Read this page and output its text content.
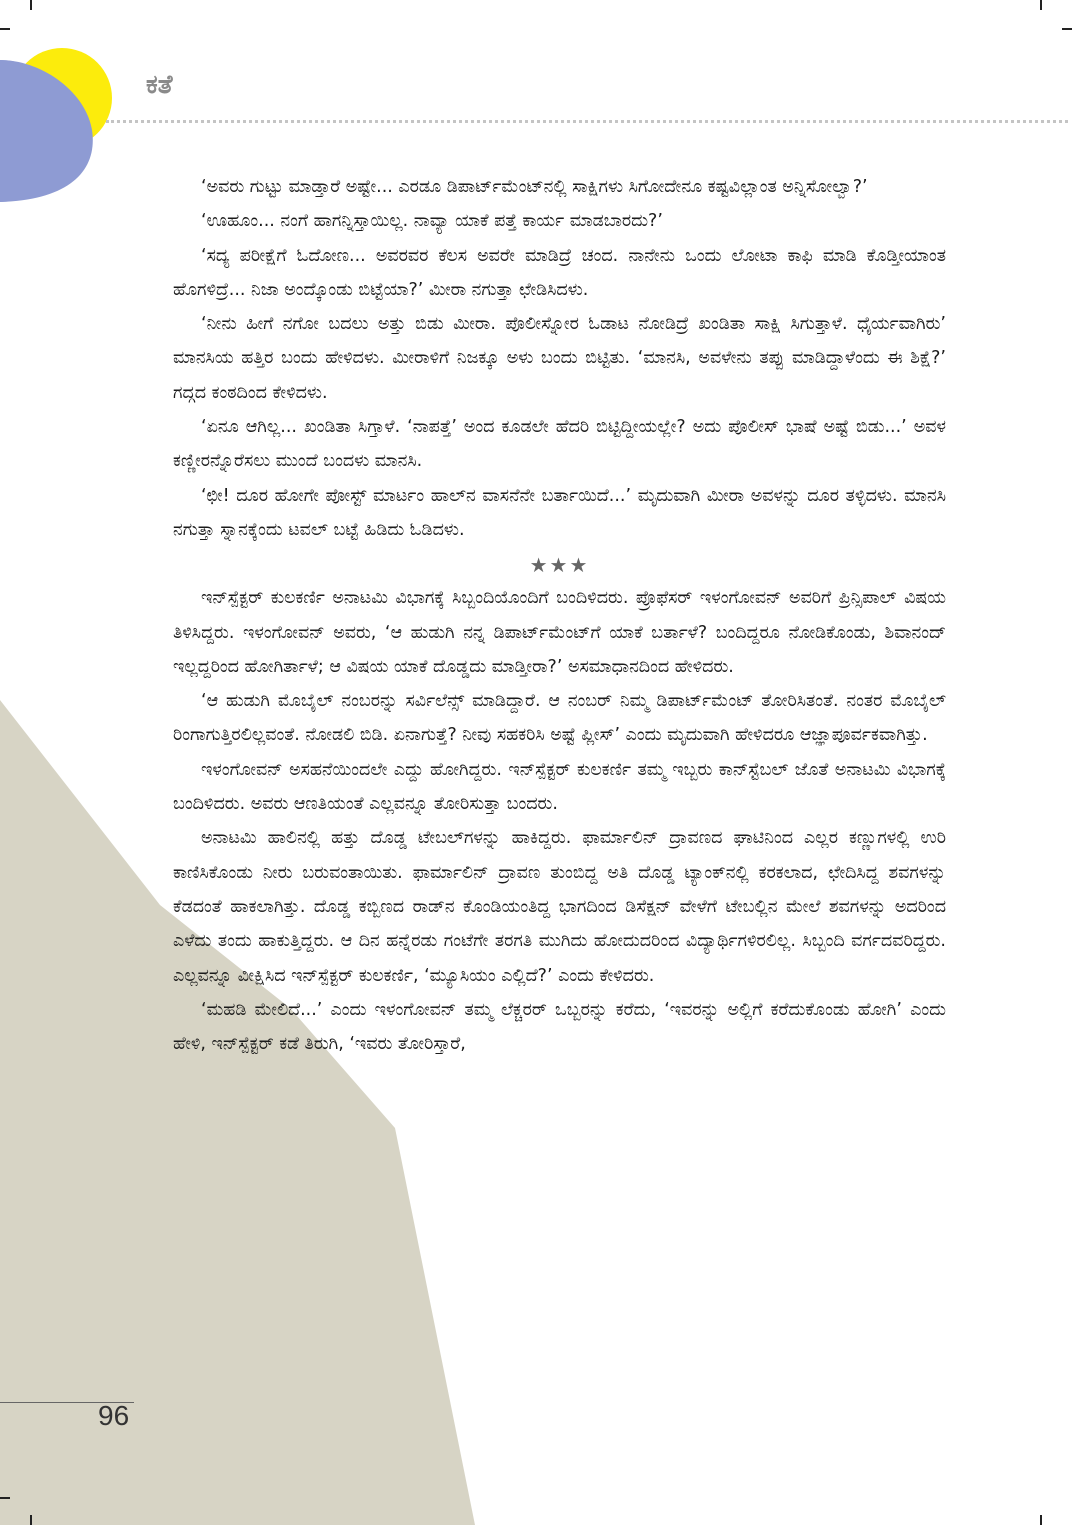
ಕತೆ

‘ಅವರು ಗುಟ್ಟು ಮಾಡ್ತಾರೆ ಅಷ್ಟೇ... ಎರಡೂ ಡಿಪಾರ್ಟ್‌ಮೆಂಟ್‌ನಲ್ಲಿ ಸಾಕ್ಷಿಗಳು ಸಿಗೋದೇನೂ ಕಷ್ಟವಿಲ್ಲಾಂತ ಅನ್ನಿಸೋಲ್ವಾ?’

‘ಊಹೂಂ... ನಂಗೆ ಹಾಗನ್ನಿಸ್ತಾಯಿಲ್ಲ. ನಾವ್ಯಾ ಯಾಕೆ ಪತ್ತೆ ಕಾರ್ಯ ಮಾಡಬಾರದು?’

‘ಸದ್ಯ ಪರೀಕ್ಷೆಗೆ ಓದೋಣ... ಅವರವರ ಕೆಲಸ ಅವರೇ ಮಾಡಿದ್ರೆ ಚಂದ. ನಾನೇನು ಒಂದು ಲೋಟಾ ಕಾಫಿ ಮಾಡಿ ಕೊಡ್ತೀಯಾಂತ ಹೊಗಳಿದ್ರೆ... ನಿಜಾ ಅಂದ್ಕೊಂಡು ಬಿಟ್ಟೆಯಾ?’ ಮೀರಾ ನಗುತ್ತಾ ಛೇಡಿಸಿದಳು.

‘ನೀನು ಹೀಗೆ ನಗೋ ಬದಲು ಅತ್ತು ಬಿಡು ಮೀರಾ. ಪೊಲೀಸ್ನೋರ ಓಡಾಟ ನೋಡಿದ್ರೆ ಖಂಡಿತಾ ಸಾಕ್ಷಿ ಸಿಗುತ್ತಾಳೆ. ಧೈರ್ಯವಾಗಿರು’ ಮಾನಸಿಯ ಹತ್ತಿರ ಬಂದು ಹೇಳಿದಳು. ಮೀರಾಳಿಗೆ ನಿಜಕ್ಕೂ ಅಳು ಬಂದು ಬಿಟ್ಟಿತು. ‘ಮಾನಸಿ, ಅವಳೇನು ತಪ್ಪು ಮಾಡಿದ್ದಾಳೆಂದು ಈ ಶಿಕ್ಷೆ?’ ಗದ್ಗದ ಕಂಠದಿಂದ ಕೇಳಿದಳು.

‘ಏನೂ ಆಗಿಲ್ಲ... ಖಂಡಿತಾ ಸಿಗ್ತಾಳೆ. ‘ನಾಪತ್ತೆ’ ಅಂದ ಕೂಡಲೇ ಹೆದರಿ ಬಿಟ್ಟಿದ್ದೀಯಲ್ಲೇ? ಅದು ಪೊಲೀಸ್ ಭಾಷೆ ಅಷ್ಟೆ ಬಿಡು...’ ಅವಳ ಕಣ್ಣೀರನ್ನೊರೆಸಲು ಮುಂದೆ ಬಂದಳು ಮಾನಸಿ.

‘ಛೀ! ದೂರ ಹೋಗೇ ಪೋಸ್ಟ್ ಮಾರ್ಟಂ ಹಾಲ್‌ನ ವಾಸನೆನೇ ಬರ್ತಾಯಿದೆ...’ ಮೃದುವಾಗಿ ಮೀರಾ ಅವಳನ್ನು ದೂರ ತಳ್ಳಿದಳು. ಮಾನಸಿ ನಗುತ್ತಾ ಸ್ನಾನಕ್ಕೆಂದು ಟವಲ್ ಬಟ್ಟೆ ಹಿಡಿದು ಓಡಿದಳು.

★★★

ಇನ್‌ಸ್ಪೆಕ್ಟರ್ ಕುಲಕರ್ಣಿ ಅನಾಟಮಿ ವಿಭಾಗಕ್ಕೆ ಸಿಬ್ಬಂದಿಯೊಂದಿಗೆ ಬಂದಿಳಿದರು. ಪ್ರೊಫೆಸರ್ ಇಳಂಗೋವನ್ ಅವರಿಗೆ ಪ್ರಿನ್ಸಿಪಾಲ್ ವಿಷಯ ತಿಳಿಸಿದ್ದರು. ಇಳಂಗೋವನ್ ಅವರು, ‘ಆ ಹುಡುಗಿ ನನ್ನ ಡಿಪಾರ್ಟ್‌ಮೆಂಟ್‌ಗೆ ಯಾಕೆ ಬರ್ತಾಳೆ? ಬಂದಿದ್ದರೂ ನೋಡಿಕೊಂಡು, ಶಿವಾನಂದ್ ಇಲ್ಲದ್ದರಿಂದ ಹೋಗಿರ್ತಾಳೆ; ಆ ವಿಷಯ ಯಾಕೆ ದೊಡ್ಡದು ಮಾಡ್ತೀರಾ?’ ಅಸಮಾಧಾನದಿಂದ ಹೇಳಿದರು.

‘ಆ ಹುಡುಗಿ ಮೊಬೈಲ್ ನಂಬರನ್ನು ಸರ್ವಿಲೆನ್ಸ್ ಮಾಡಿದ್ದಾರೆ. ಆ ನಂಬರ್ ನಿಮ್ಮ ಡಿಪಾರ್ಟ್‌ಮೆಂಟ್ ತೋರಿಸಿತಂತೆ. ನಂತರ ಮೊಬೈಲ್ ರಿಂಗಾಗುತ್ತಿರಲಿಲ್ಲವಂತೆ. ನೋಡಲಿ ಬಿಡಿ. ಏನಾಗುತ್ತೆ? ನೀವು ಸಹಕರಿಸಿ ಅಷ್ಟೆ ಪ್ಲೀಸ್’ ಎಂದು ಮೃದುವಾಗಿ ಹೇಳಿದರೂ ಆಜ್ಞಾಪೂರ್ವಕವಾಗಿತ್ತು.

ಇಳಂಗೋವನ್ ಅಸಹನೆಯಿಂದಲೇ ಎದ್ದು ಹೋಗಿದ್ದರು. ಇನ್‌ಸ್ಪೆಕ್ಟರ್ ಕುಲಕರ್ಣಿ ತಮ್ಮ ಇಬ್ಬರು ಕಾನ್‌ಸ್ಟೆಬಲ್ ಜೊತೆ ಅನಾಟಮಿ ವಿಭಾಗಕ್ಕೆ ಬಂದಿಳಿದರು. ಅವರು ಆಣತಿಯಂತೆ ಎಲ್ಲವನ್ನೂ ತೋರಿಸುತ್ತಾ ಬಂದರು.

ಅನಾಟಮಿ ಹಾಲಿನಲ್ಲಿ ಹತ್ತು ದೊಡ್ಡ ಟೇಬಲ್‌ಗಳನ್ನು ಹಾಕಿದ್ದರು. ಫಾರ್ಮಾಲಿನ್ ದ್ರಾವಣದ ಘಾಟಿನಿಂದ ಎಲ್ಲರ ಕಣ್ಣುಗಳಲ್ಲಿ ಉರಿ ಕಾಣಿಸಿಕೊಂಡು ನೀರು ಬರುವಂತಾಯಿತು. ಫಾರ್ಮಾಲಿನ್ ದ್ರಾವಣ ತುಂಬಿದ್ದ ಅತಿ ದೊಡ್ಡ ಟ್ಯಾಂಕ್‌ನಲ್ಲಿ ಕರಕಲಾದ, ಛೇದಿಸಿದ್ದ ಶವಗಳನ್ನು ಕೆಡದಂತೆ ಹಾಕಲಾಗಿತ್ತು. ದೊಡ್ಡ ಕಬ್ಬಿಣದ ರಾಡ್‌ನ ಕೊಂಡಿಯಂತಿದ್ದ ಭಾಗದಿಂದ ಡಿಸೆಕ್ಷನ್ ವೇಳೆಗೆ ಟೇಬಲ್ಲಿನ ಮೇಲೆ ಶವಗಳನ್ನು ಅದರಿಂದ ಎಳೆದು ತಂದು ಹಾಕುತ್ತಿದ್ದರು. ಆ ದಿನ ಹನ್ನೆರಡು ಗಂಟೆಗೇ ತರಗತಿ ಮುಗಿದು ಹೋದುದರಿಂದ ವಿದ್ಯಾರ್ಥಿಗಳಿರಲಿಲ್ಲ. ಸಿಬ್ಬಂದಿ ವರ್ಗದವರಿದ್ದರು. ಎಲ್ಲವನ್ನೂ ವೀಕ್ಷಿಸಿದ ಇನ್‌ಸ್ಪೆಕ್ಟರ್ ಕುಲಕರ್ಣಿ, ‘ಮ್ಯೂಸಿಯಂ ಎಲ್ಲಿದೆ?’ ಎಂದು ಕೇಳಿದರು.

‘ಮಹಡಿ ಮೇಲಿದೆ...’ ಎಂದು ಇಳಂಗೋವನ್ ತಮ್ಮ ಲೆಕ್ಚರರ್ ಒಬ್ಬರನ್ನು ಕರೆದು, ‘ಇವರನ್ನು ಅಲ್ಲಿಗೆ ಕರೆದುಕೊಂಡು ಹೋಗಿ’ ಎಂದು ಹೇಳಿ, ಇನ್‌ಸ್ಪೆಕ್ಟರ್ ಕಡೆ ತಿರುಗಿ, ‘ಇವರು ತೋರಿಸ್ತಾರೆ,

96
